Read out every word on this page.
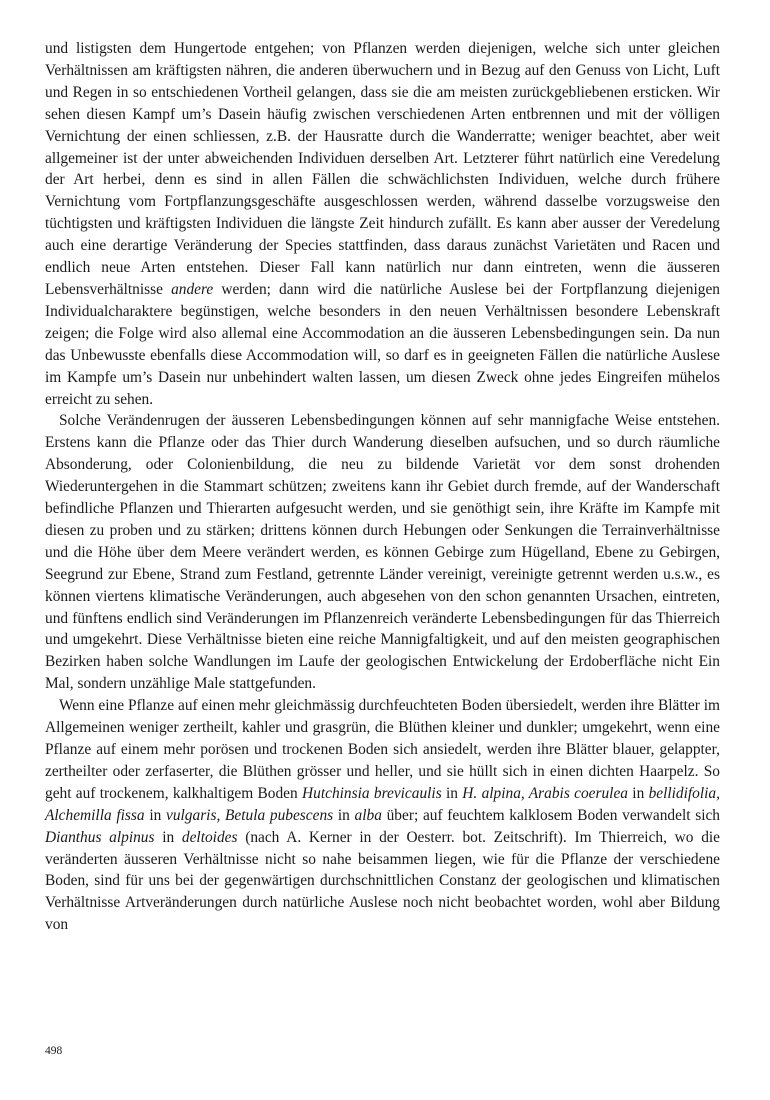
und listigsten dem Hungertode entgehen; von Pflanzen werden diejenigen, welche sich unter gleichen Verhältnissen am kräftigsten nähren, die anderen überwuchern und in Bezug auf den Genuss von Licht, Luft und Regen in so entschiedenen Vortheil gelangen, dass sie die am meisten zurückgebliebenen ersticken. Wir sehen diesen Kampf um’s Dasein häufig zwischen verschiedenen Arten entbrennen und mit der völligen Vernichtung der einen schliessen, z.B. der Hausratte durch die Wanderratte; weniger beachtet, aber weit allgemeiner ist der unter abweichenden Individuen derselben Art. Letzterer führt natürlich eine Veredelung der Art herbei, denn es sind in allen Fällen die schwächlichsten Individuen, welche durch frühere Vernichtung vom Fortpflanzungsgeschäfte ausgeschlossen werden, während dasselbe vorzugsweise den tüchtigsten und kräftigsten Individuen die längste Zeit hindurch zufällt. Es kann aber ausser der Veredelung auch eine derartige Veränderung der Species stattfinden, dass daraus zunächst Varietäten und Racen und endlich neue Arten entstehen. Dieser Fall kann natürlich nur dann eintreten, wenn die äusseren Lebensverhältnisse andere werden; dann wird die natürliche Auslese bei der Fortpflanzung diejenigen Individualcharaktere begünstigen, welche besonders in den neuen Verhältnissen besondere Lebenskraft zeigen; die Folge wird also allemal eine Accommodation an die äusseren Lebensbedingungen sein. Da nun das Unbewusste ebenfalls diese Accommodation will, so darf es in geeigneten Fällen die natürliche Auslese im Kampfe um’s Dasein nur unbehindert walten lassen, um diesen Zweck ohne jedes Eingreifen mühelos erreicht zu sehen.

Solche Verändenrugen der äusseren Lebensbedingungen können auf sehr mannigfache Weise entstehen. Erstens kann die Pflanze oder das Thier durch Wanderung dieselben aufsuchen, und so durch räumliche Absonderung, oder Colonienbildung, die neu zu bildende Varietät vor dem sonst drohenden Wiederuntergehen in die Stammart schützen; zweitens kann ihr Gebiet durch fremde, auf der Wanderschaft befindliche Pflanzen und Thierarten aufgesucht werden, und sie genöthigt sein, ihre Kräfte im Kampfe mit diesen zu proben und zu stärken; drittens können durch Hebungen oder Senkungen die Terrainverhältnisse und die Höhe über dem Meere verändert werden, es können Gebirge zum Hügelland, Ebene zu Gebirgen, Seegrund zur Ebene, Strand zum Festland, getrennte Länder vereinigt, vereinigte getrennt werden u.s.w., es können viertens klimatische Veränderungen, auch abgesehen von den schon genannten Ursachen, eintreten, und fünftens endlich sind Veränderungen im Pflanzenreich veränderte Lebensbedingungen für das Thierreich und umgekehrt. Diese Verhältnisse bieten eine reiche Mannigfaltigkeit, und auf den meisten geographischen Bezirken haben solche Wandlungen im Laufe der geologischen Entwickelung der Erdoberfläche nicht Ein Mal, sondern unzählige Male stattgefunden.

Wenn eine Pflanze auf einen mehr gleichmässig durchfeuchteten Boden übersiedelt, werden ihre Blätter im Allgemeinen weniger zertheilt, kahler und grasgrün, die Blüthen kleiner und dunkler; umgekehrt, wenn eine Pflanze auf einem mehr porösen und trockenen Boden sich ansiedelt, werden ihre Blätter blauer, gelappter, zertheilter oder zerfaserter, die Blüthen grösser und heller, und sie hüllt sich in einen dichten Haarpelz. So geht auf trockenem, kalkhaltigem Boden Hutchinsia brevicaulis in H. alpina, Arabis coerulea in bellidifolia, Alchemilla fissa in vulgaris, Betula pubescens in alba über; auf feuchtem kalklosem Boden verwandelt sich Dianthus alpinus in deltoides (nach A. Kerner in der Oesterr. bot. Zeitschrift). Im Thierreich, wo die veränderten äusseren Verhältnisse nicht so nahe beisammen liegen, wie für die Pflanze der verschiedene Boden, sind für uns bei der gegenwärtigen durchschnittlichen Constanz der geologischen und klimatischen Verhältnisse Artveränderungen durch natürliche Auslese noch nicht beobachtet worden, wohl aber Bildung von

498
